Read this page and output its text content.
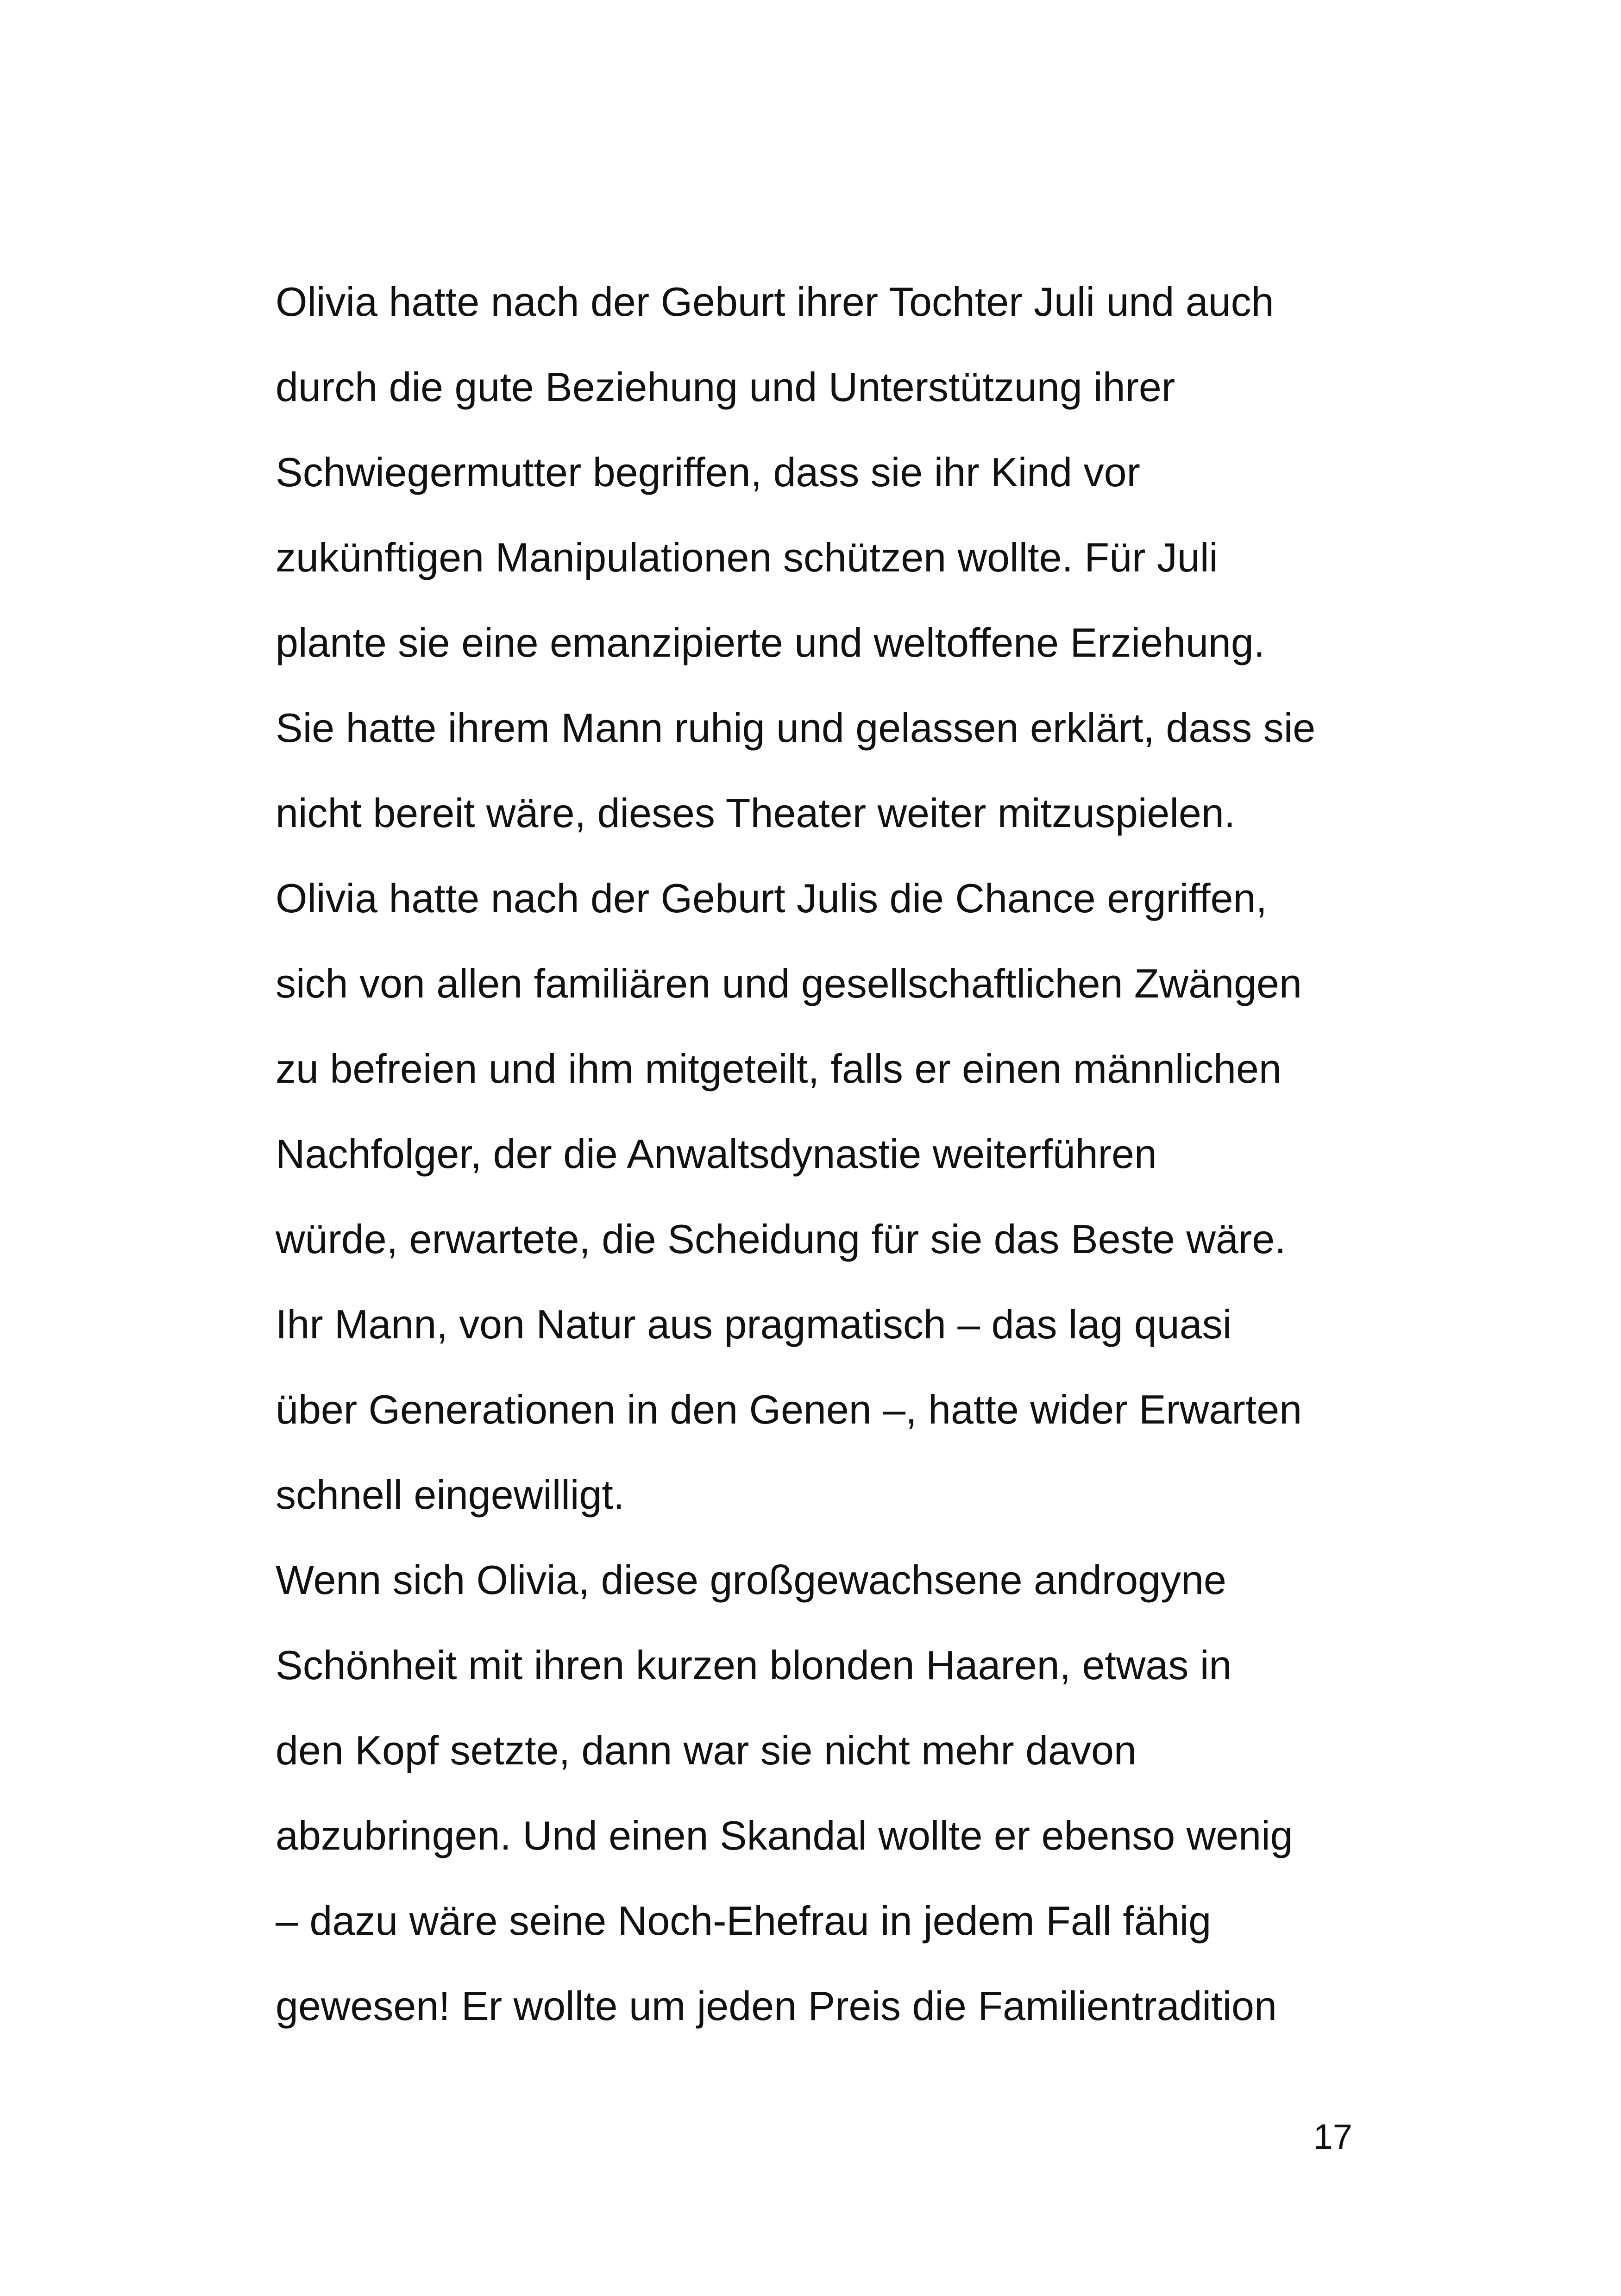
Olivia hatte nach der Geburt ihrer Tochter Juli und auch
durch die gute Beziehung und Unterstützung ihrer
Schwiegermutter begriffen, dass sie ihr Kind vor
zukünftigen Manipulationen schützen wollte. Für Juli
plante sie eine emanzipierte und weltoffene Erziehung.
Sie hatte ihrem Mann ruhig und gelassen erklärt, dass sie
nicht bereit wäre, dieses Theater weiter mitzuspielen.
Olivia hatte nach der Geburt Julis die Chance ergriffen,
sich von allen familiären und gesellschaftlichen Zwängen
zu befreien und ihm mitgeteilt, falls er einen männlichen
Nachfolger, der die Anwaltsdynastie weiterführen
würde, erwartete, die Scheidung für sie das Beste wäre.
Ihr Mann, von Natur aus pragmatisch – das lag quasi
über Generationen in den Genen –, hatte wider Erwarten
schnell eingewilligt.
Wenn sich Olivia, diese großgewachsene androgyne
Schönheit mit ihren kurzen blonden Haaren, etwas in
den Kopf setzte, dann war sie nicht mehr davon
abzubringen. Und einen Skandal wollte er ebenso wenig
– dazu wäre seine Noch-Ehefrau in jedem Fall fähig
gewesen! Er wollte um jeden Preis die Familientradition
17
